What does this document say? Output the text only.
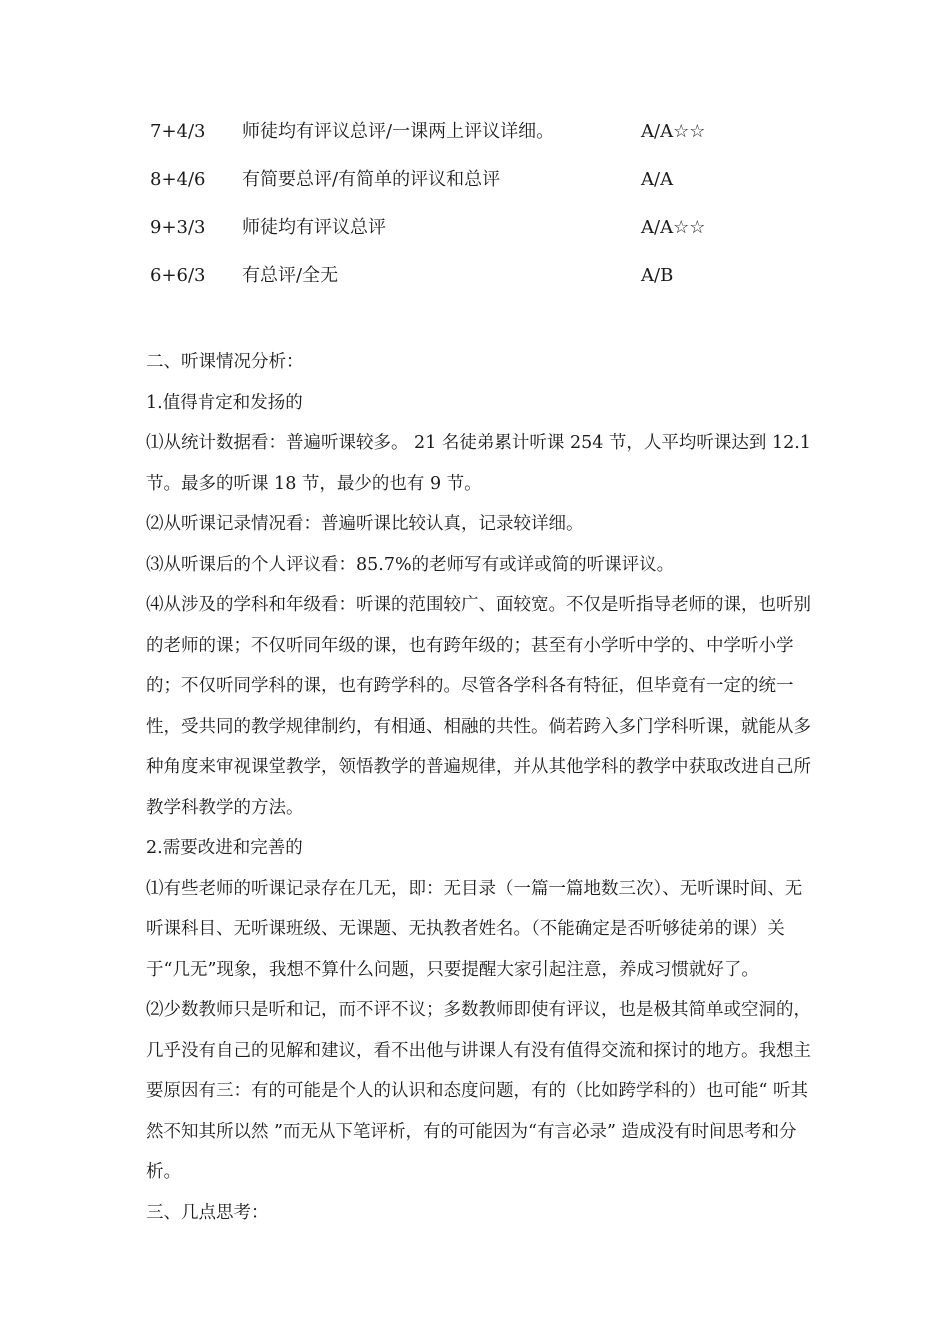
7+4/3 师徒均有评议总评/一课两上评议详细。	A/A☆☆
8+4/6 有简要总评/有简单的评议和总评	A/A
9+3/3 师徒均有评议总评	A/A☆☆
6+6/3 有总评/全无	A/B

二、听课情况分析：

1.值得肯定和发扬的

⑴从统计数据看：普遍听课较多。 21 名徒弟累计听课 254 节，人平均听课达到 12.1 节。最多的听课 18 节，最少的也有 9 节。

⑵从听课记录情况看：普遍听课比较认真，记录较详细。

⑶从听课后的个人评议看：85.7%的老师写有或详或简的听课评议。

⑷从涉及的学科和年级看：听课的范围较广、面较宽。不仅是听指导老师的课，也听别的老师的课；不仅听同年级的课，也有跨年级的；甚至有小学听中学的、中学听小学的；不仅听同学科的课，也有跨学科的。尽管各学科各有特征，但毕竟有一定的统一性，受共同的教学规律制约，有相通、相融的共性。倘若跨入多门学科听课，就能从多种角度来审视课堂教学，领悟教学的普遍规律，并从其他学科的教学中获取改进自己所教学科教学的方法。

2.需要改进和完善的

⑴有些老师的听课记录存在几无，即：无目录（一篇一篇地数三次）、无听课时间、无听课科目、无听课班级、无课题、无执教者姓名。（不能确定是否听够徒弟的课）关于“几无”现象，我想不算什么问题，只要提醒大家引起注意，养成习惯就好了。

⑵少数教师只是听和记，而不评不议；多数教师即使有评议，也是极其简单或空洞的，几乎没有自己的见解和建议，看不出他与讲课人有没有值得交流和探讨的地方。我想主要原因有三：有的可能是个人的认识和态度问题，有的（比如跨学科的）也可能“ 听其然不知其所以然 ”而无从下笔评析，有的可能因为“有言必录” 造成没有时间思考和分析。

三、几点思考：
